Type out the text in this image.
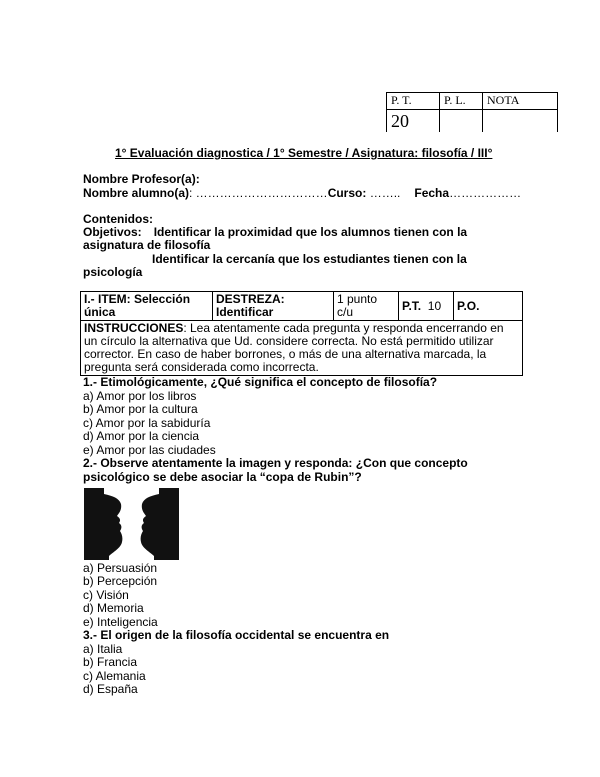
P. T.	P. L.	NOTA
20		
1° Evaluación diagnostica / 1° Semestre / Asignatura: filosofía / III°
Nombre Profesor(a):
Nombre alumno(a): ……………………………Curso: …….. Fecha………………
Contenidos:
Objetivos: Identificar la proximidad que los alumnos tienen con la
asignatura de filosofía
Identificar la cercanía que los estudiantes tienen con la
psicología
I.- ITEM: Selección única	DESTREZA: Identificar	1 punto c/u	P.T. 10	P.O.
INSTRUCCIONES: Lea atentamente cada pregunta y responda encerrando en un círculo la alternativa que Ud. considere correcta. No está permitido utilizar corrector. En caso de haber borrones, o más de una alternativa marcada, la pregunta será considerada como incorrecta.
1.- Etimológicamente, ¿Qué significa el concepto de filosofía?
a) Amor por los libros
b) Amor por la cultura
c) Amor por la sabiduría
d) Amor por la ciencia
e) Amor por las ciudades
2.- Observe atentamente la imagen y responda: ¿Con que concepto
psicológico se debe asociar la “copa de Rubin”?
a) Persuasión
b) Percepción
c) Visión
d) Memoria
e) Inteligencia
3.- El origen de la filosofía occidental se encuentra en
a) Italia
b) Francia
c) Alemania
d) España
